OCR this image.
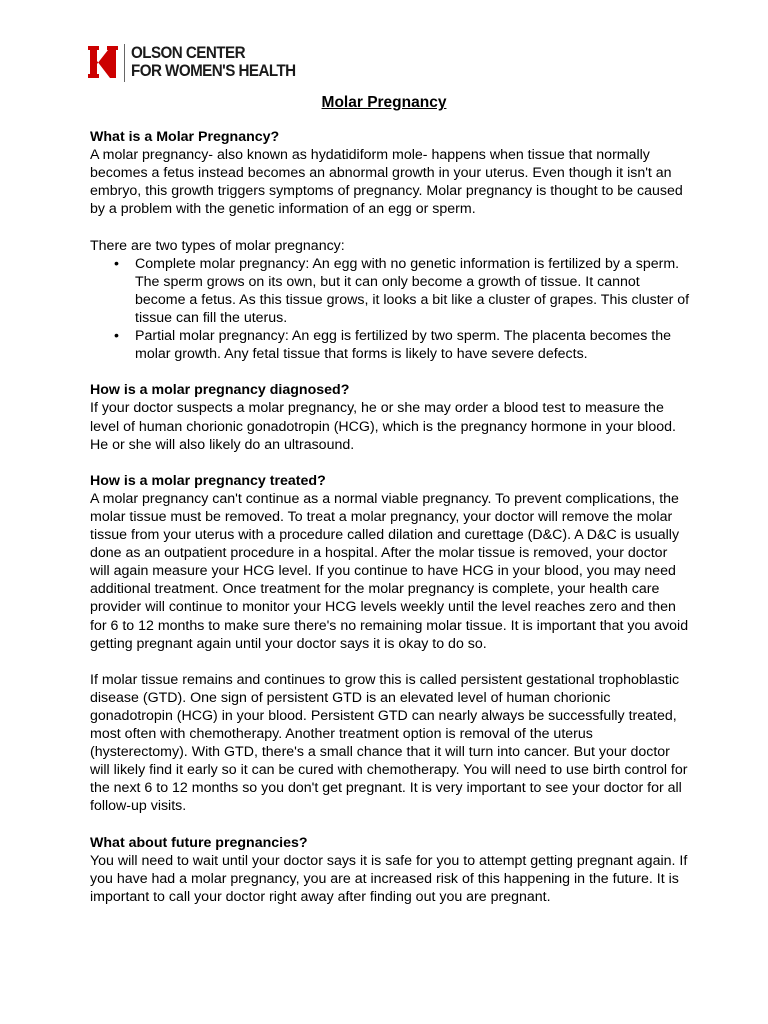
OLSON CENTER
FOR WOMEN'S HEALTH
Molar Pregnancy
What is a Molar Pregnancy?

A molar pregnancy- also known as hydatidiform mole- happens when tissue that normally becomes a fetus instead becomes an abnormal growth in your uterus. Even though it isn't an embryo, this growth triggers symptoms of pregnancy. Molar pregnancy is thought to be caused by a problem with the genetic information of an egg or sperm.

There are two types of molar pregnancy:

• Complete molar pregnancy: An egg with no genetic information is fertilized by a sperm. The sperm grows on its own, but it can only become a growth of tissue. It cannot become a fetus. As this tissue grows, it looks a bit like a cluster of grapes. This cluster of tissue can fill the uterus.
• Partial molar pregnancy: An egg is fertilized by two sperm. The placenta becomes the molar growth. Any fetal tissue that forms is likely to have severe defects.
How is a molar pregnancy diagnosed?

If your doctor suspects a molar pregnancy, he or she may order a blood test to measure the level of human chorionic gonadotropin (HCG), which is the pregnancy hormone in your blood. He or she will also likely do an ultrasound.

How is a molar pregnancy treated?

A molar pregnancy can't continue as a normal viable pregnancy. To prevent complications, the molar tissue must be removed. To treat a molar pregnancy, your doctor will remove the molar tissue from your uterus with a procedure called dilation and curettage (D&C). A D&C is usually done as an outpatient procedure in a hospital. After the molar tissue is removed, your doctor will again measure your HCG level. If you continue to have HCG in your blood, you may need additional treatment. Once treatment for the molar pregnancy is complete, your health care provider will continue to monitor your HCG levels weekly until the level reaches zero and then for 6 to 12 months to make sure there's no remaining molar tissue. It is important that you avoid getting pregnant again until your doctor says it is okay to do so.

If molar tissue remains and continues to grow this is called persistent gestational trophoblastic disease (GTD). One sign of persistent GTD is an elevated level of human chorionic gonadotropin (HCG) in your blood. Persistent GTD can nearly always be successfully treated, most often with chemotherapy. Another treatment option is removal of the uterus (hysterectomy). With GTD, there's a small chance that it will turn into cancer. But your doctor will likely find it early so it can be cured with chemotherapy. You will need to use birth control for the next 6 to 12 months so you don't get pregnant. It is very important to see your doctor for all follow-up visits.

What about future pregnancies?

You will need to wait until your doctor says it is safe for you to attempt getting pregnant again. If you have had a molar pregnancy, you are at increased risk of this happening in the future. It is important to call your doctor right away after finding out you are pregnant.
